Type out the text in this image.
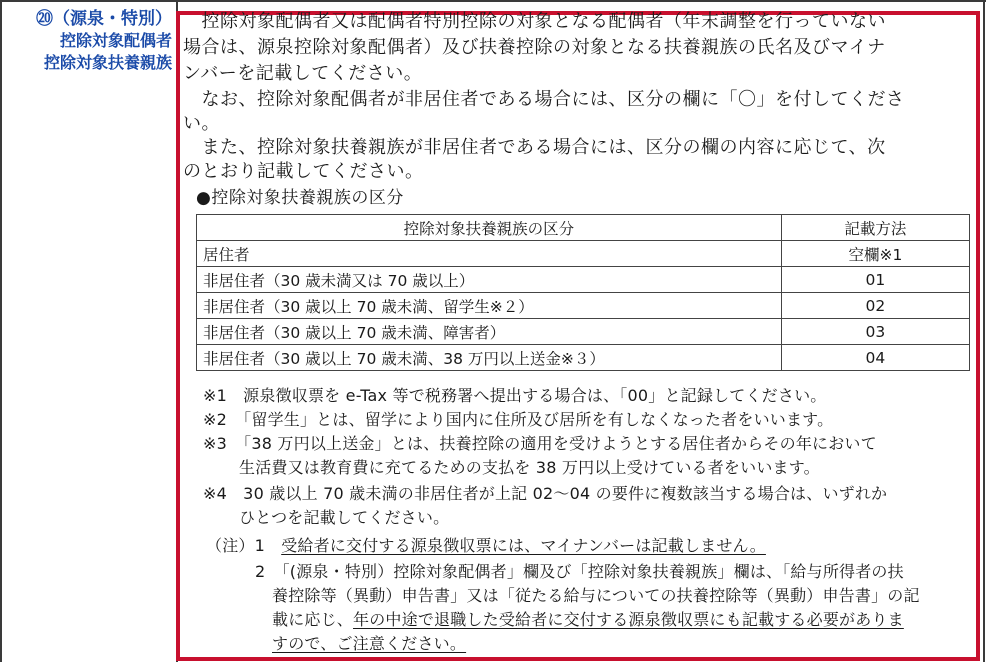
⑳（源泉・特別）
控除対象配偶者
控除対象扶養親族
　控除対象配偶者又は配偶者特別控除の対象となる配偶者（年末調整を行っていない
場合は、源泉控除対象配偶者）及び扶養控除の対象となる扶養親族の氏名及びマイナ
ンバーを記載してください。
　なお、控除対象配偶者が非居住者である場合には、区分の欄に「〇」を付してくださ
い。
　また、控除対象扶養親族が非居住者である場合には、区分の欄の内容に応じて、次
のとおり記載してください。
●控除対象扶養親族の区分
控除対象扶養親族の区分	記載方法
居住者	空欄※1
非居住者（30 歳未満又は 70 歳以上）	01
非居住者（30 歳以上 70 歳未満、留学生※２）	02
非居住者（30 歳以上 70 歳未満、障害者）	03
非居住者（30 歳以上 70 歳未満、38 万円以上送金※３）	04
※1　源泉徴収票を e-Tax 等で税務署へ提出する場合は、「00」と記録してください。
※2　「留学生」とは、留学により国内に住所及び居所を有しなくなった者をいいます。
※3　「38 万円以上送金」とは、扶養控除の適用を受けようとする居住者からその年において
生活費又は教育費に充てるための支払を 38 万円以上受けている者をいいます。
※4　30 歳以上 70 歳未満の非居住者が上記 02～04 の要件に複数該当する場合は、いずれか
ひとつを記載してください。
（注）1　受給者に交付する源泉徴収票には、マイナンバーは記載しません。
2　「(源泉・特別）控除対象配偶者」欄及び「控除対象扶養親族」欄は、「給与所得者の扶
養控除等（異動）申告書」又は「従たる給与についての扶養控除等（異動）申告書」の記
載に応じ、年の中途で退職した受給者に交付する源泉徴収票にも記載する必要がありま
すので、ご注意ください。
